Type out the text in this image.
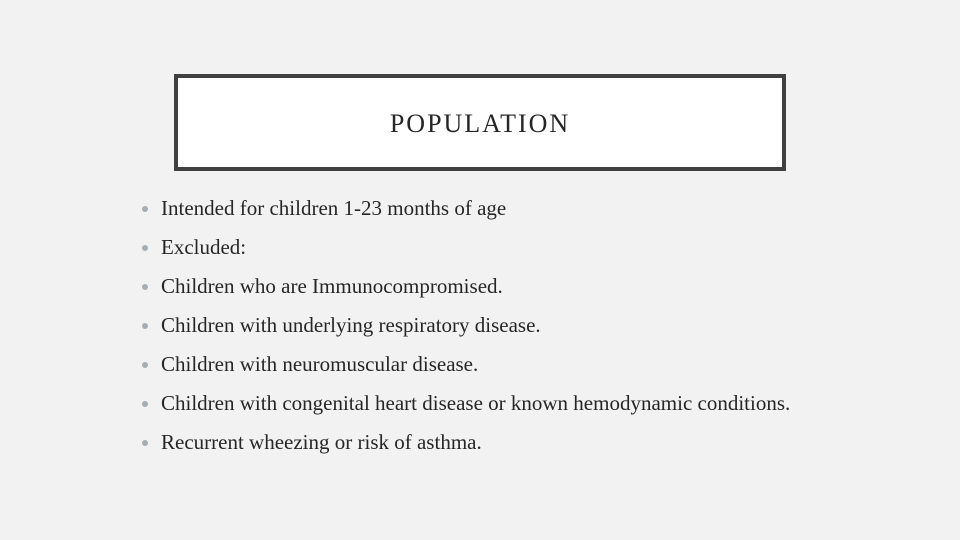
POPULATION
Intended for children 1-23 months of age
Excluded:
Children who are Immunocompromised.
Children with underlying respiratory disease.
Children with neuromuscular disease.
Children with congenital heart disease or known hemodynamic conditions.
Recurrent wheezing or risk of asthma.
